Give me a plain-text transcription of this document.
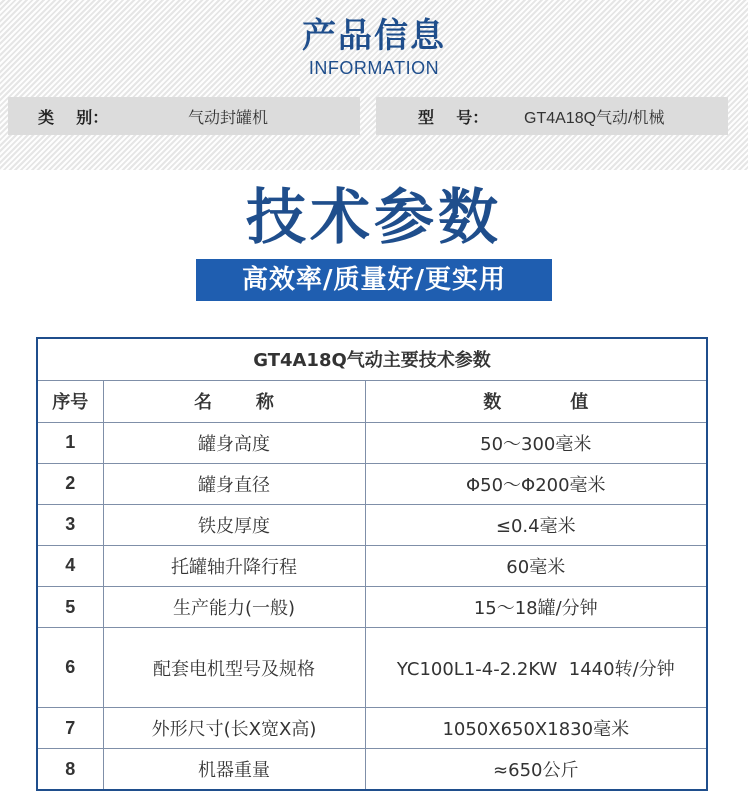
产品信息
INFORMATION
类    别：	气动封罐机	型    号：	GT4A18Q气动/机械
技术参数
高效率/质量好/更实用
GT4A18Q气动主要技术参数		
序号	名       称	数           值
1	罐身高度	50～300毫米
2	罐身直径	Φ50～Φ200毫米
3	铁皮厚度	≤0.4毫米
4	托罐轴升降行程	60毫米
5	生产能力(一般)	15～18罐/分钟
6	配套电机型号及规格	YC100L1-4-2.2KW  1440转/分钟
7	外形尺寸(长X宽X高)	1050X650X1830毫米
8	机器重量	≈650公斤
